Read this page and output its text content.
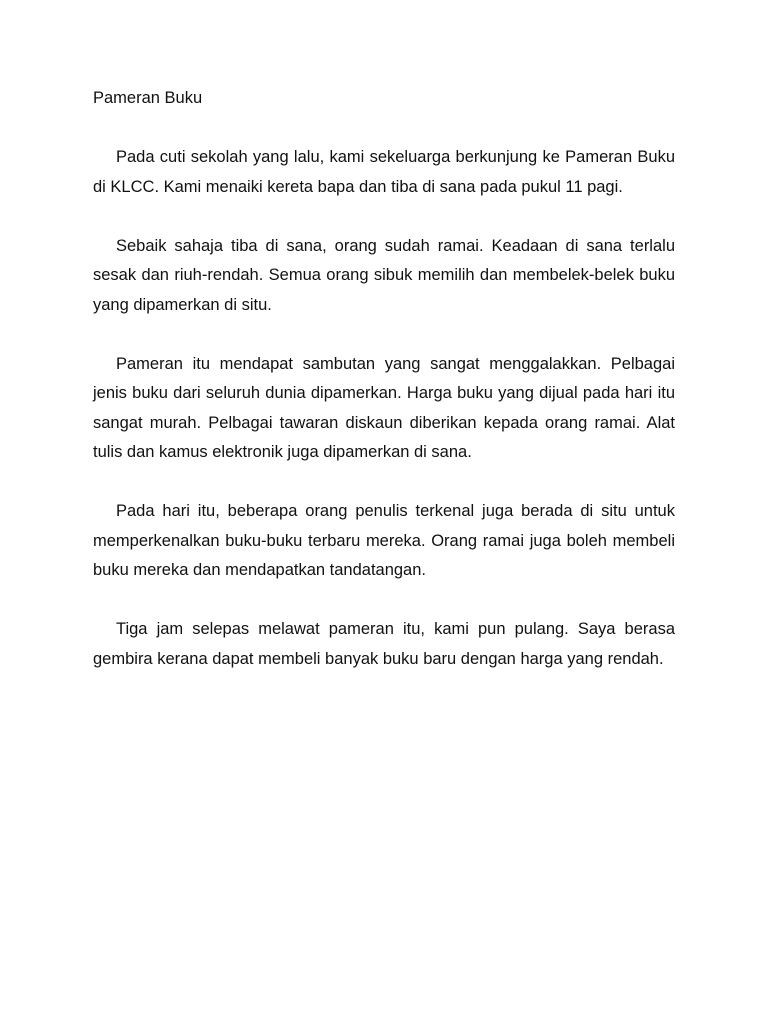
Pameran Buku

Pada cuti sekolah yang lalu, kami sekeluarga berkunjung ke Pameran Buku di KLCC. Kami menaiki kereta bapa dan tiba di sana pada pukul 11 pagi.

Sebaik sahaja tiba di sana, orang sudah ramai. Keadaan di sana terlalu sesak dan riuh-rendah. Semua orang sibuk memilih dan membelek-belek buku yang dipamerkan di situ.

Pameran itu mendapat sambutan yang sangat menggalakkan. Pelbagai jenis buku dari seluruh dunia dipamerkan. Harga buku yang dijual pada hari itu sangat murah. Pelbagai tawaran diskaun diberikan kepada orang ramai. Alat tulis dan kamus elektronik juga dipamerkan di sana.

Pada hari itu, beberapa orang penulis terkenal juga berada di situ untuk memperkenalkan buku-buku terbaru mereka. Orang ramai juga boleh membeli buku mereka dan mendapatkan tandatangan.

Tiga jam selepas melawat pameran itu, kami pun pulang. Saya berasa gembira kerana dapat membeli banyak buku baru dengan harga yang rendah.
